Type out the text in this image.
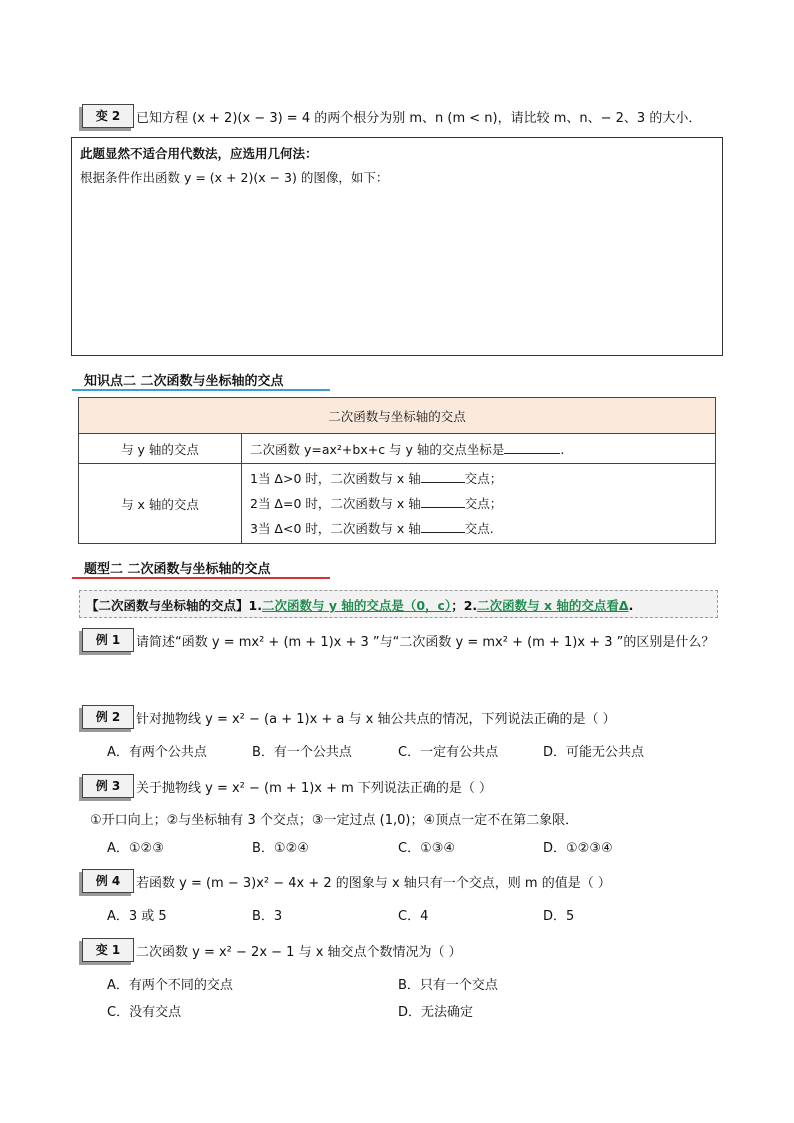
变 2	已知方程 (x + 2)(x − 3) = 4 的两个根分为别 m、n (m < n)，请比较 m、n、− 2、3 的大小．
此题显然不适合用代数法，应选用几何法：
根据条件作出函数 y = (x + 2)(x − 3) 的图像，如下：
知识点二 二次函数与坐标轴的交点
二次函数与坐标轴的交点	
与 y 轴的交点	二次函数 y=ax²+bx+c 与 y 轴的交点坐标是 .
与 x 轴的交点	1当 Δ>0 时，二次函数与 x 轴 交点；
2当 Δ=0 时，二次函数与 x 轴 交点；
3当 Δ<0 时，二次函数与 x 轴 交点.
题型二 二次函数与坐标轴的交点
【二次函数与坐标轴的交点】1.二次函数与 y 轴的交点是（0，c）；2.二次函数与 x 轴的交点看Δ.
例 1	请简述“函数 y = mx² + (m + 1)x + 3 ”与“二次函数 y = mx² + (m + 1)x + 3 ”的区别是什么？
例 2	针对抛物线 y = x² − (a + 1)x + a 与 x 轴公共点的情况，下列说法正确的是（ ）
A．有两个公共点	B．有一个公共点	C．一定有公共点	D．可能无公共点
例 3	关于抛物线 y = x² − (m + 1)x + m 下列说法正确的是（ ）
①开口向上；②与坐标轴有 3 个交点；③一定过点 (1,0)；④顶点一定不在第二象限．
A．①②③	B．①②④	C．①③④	D．①②③④
例 4	若函数 y = (m − 3)x² − 4x + 2 的图象与 x 轴只有一个交点，则 m 的值是（ ）
A．3 或 5	B．3	C．4	D．5
变 1	二次函数 y = x² − 2x − 1 与 x 轴交点个数情况为（ ）
A．有两个不同的交点	B．只有一个交点
C．没有交点	D．无法确定
